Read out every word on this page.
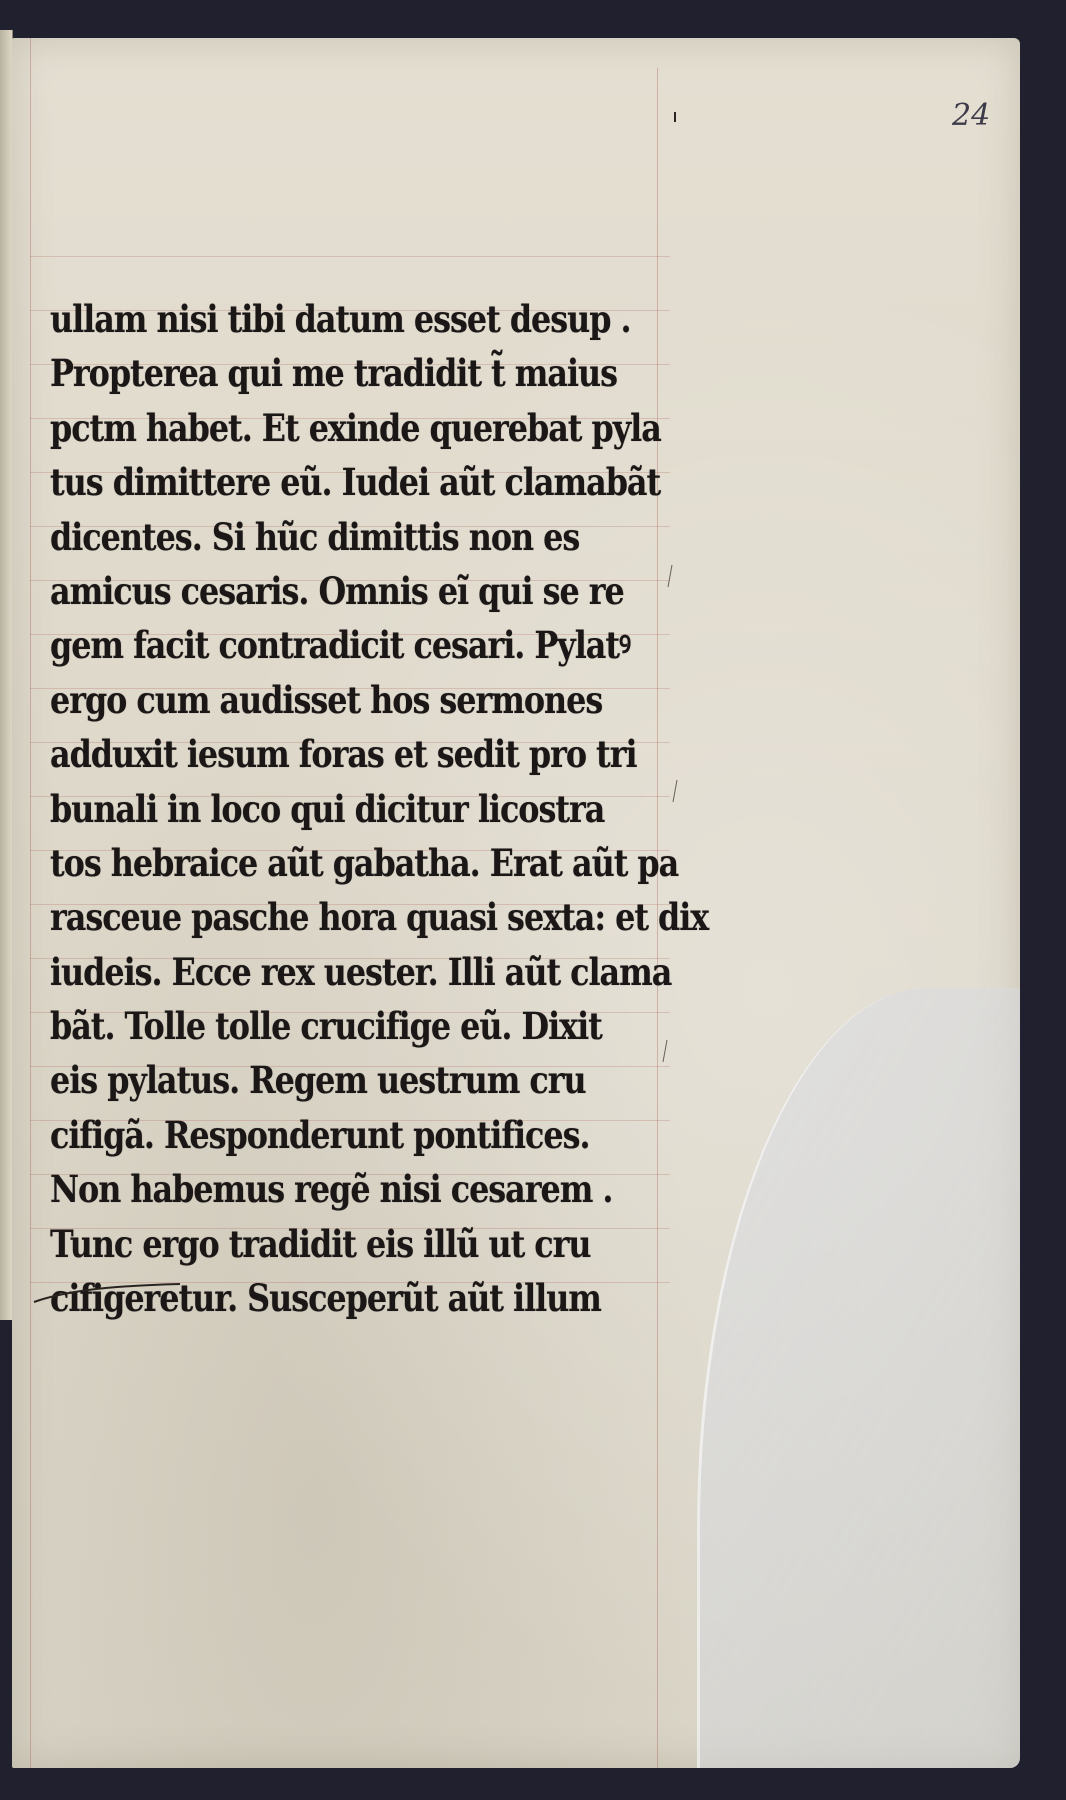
24
ullam nisi tibi datum esset desup .
Propterea qui me tradidit t̃ maius
pctm habet. Et exinde querebat pyla
tus dimittere eũ. Iudei aũt clamabãt
dicentes. Si hũc dimittis non es
amicus cesaris. Omnis eĩ qui se re
gem facit contradicit cesari. Pylatꝰ
ergo cum audisset hos sermones
adduxit iesum foras et sedit pro tri
bunali in loco qui dicitur licostra
tos hebraice aũt gabatha. Erat aũt pa
rasceue pasche hora quasi sexta: et dix
iudeis. Ecce rex uester. Illi aũt clama
bãt. Tolle tolle crucifige eũ. Dixit
eis pylatus. Regem uestrum cru
cifigã. Responderunt pontifices.
Non habemus regẽ nisi cesarem .
Tunc ergo tradidit eis illũ ut cru
cifigeretur. Susceperũt aũt illum
